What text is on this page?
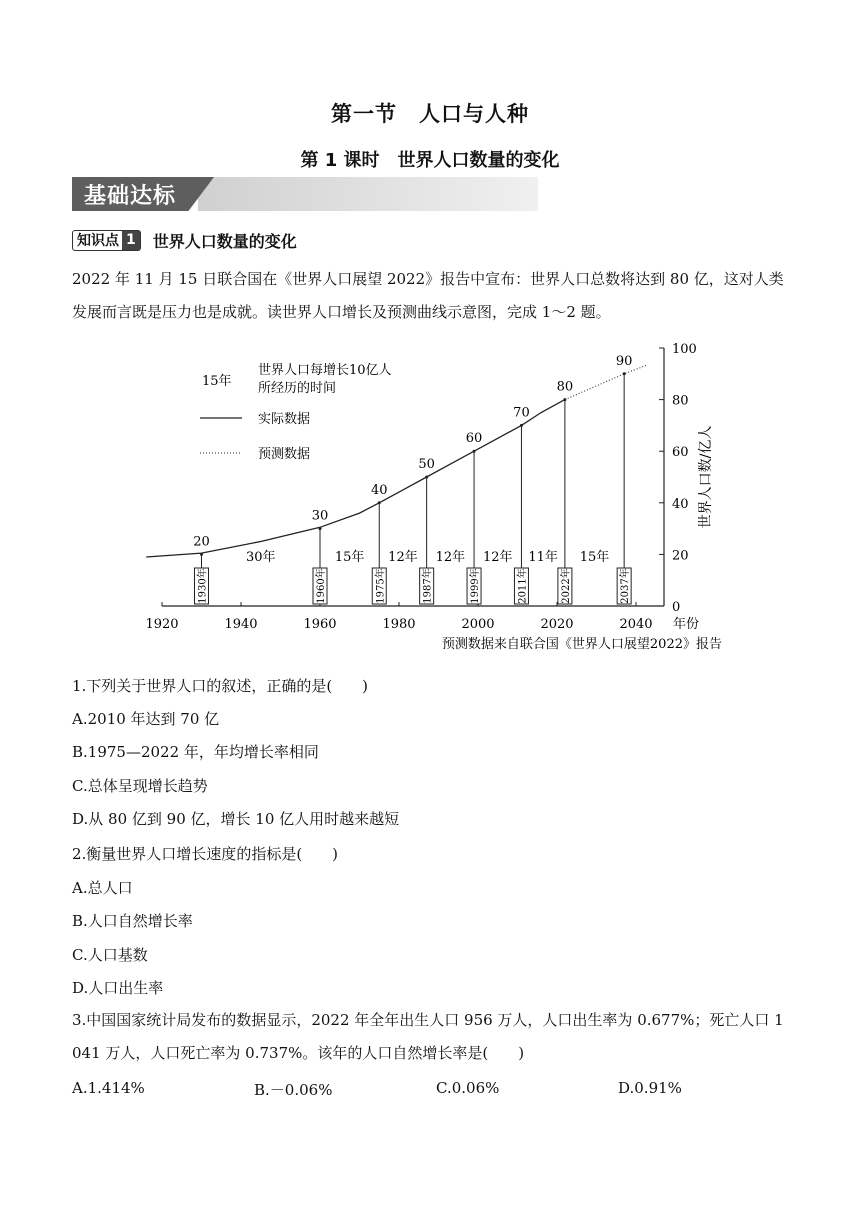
第一节　人口与人种
第 1 课时　世界人口数量的变化
基础达标
知识点 1 世界人口数量的变化
2022 年 11 月 15 日联合国在《世界人口展望 2022》报告中宣布：世界人口总数将达到 80 亿，这对人类发展而言既是压力也是成就。读世界人口增长及预测曲线示意图，完成 1～2 题。
15年
世界人口每增长10亿人
所经历的时间
实际数据
预测数据
1920	1940	1960	1980	2000	2020	2040
0
20
40
60
80
100
世界人口数/亿人
20
1930年
30
1960年
40
1975年
50
1987年
60
1999年
70
2011年
80
2022年
90
2037年
30年	15年 12年 12年 12年 11年 15年
年份
预测数据来自联合国《世界人口展望2022》报告
1.下列关于世界人口的叙述，正确的是(　　)
A.2010 年达到 70 亿
B.1975—2022 年，年均增长率相同
C.总体呈现增长趋势
D.从 80 亿到 90 亿，增长 10 亿人用时越来越短
2.衡量世界人口增长速度的指标是(　　)
A.总人口
B.人口自然增长率
C.人口基数
D.人口出生率
3.中国国家统计局发布的数据显示，2022 年全年出生人口 956 万人，人口出生率为 0.677%；死亡人口 1 041 万人，人口死亡率为 0.737%。该年的人口自然增长率是(　　)
A.1.414%	B.－0.06%	C.0.06%	D.0.91%
